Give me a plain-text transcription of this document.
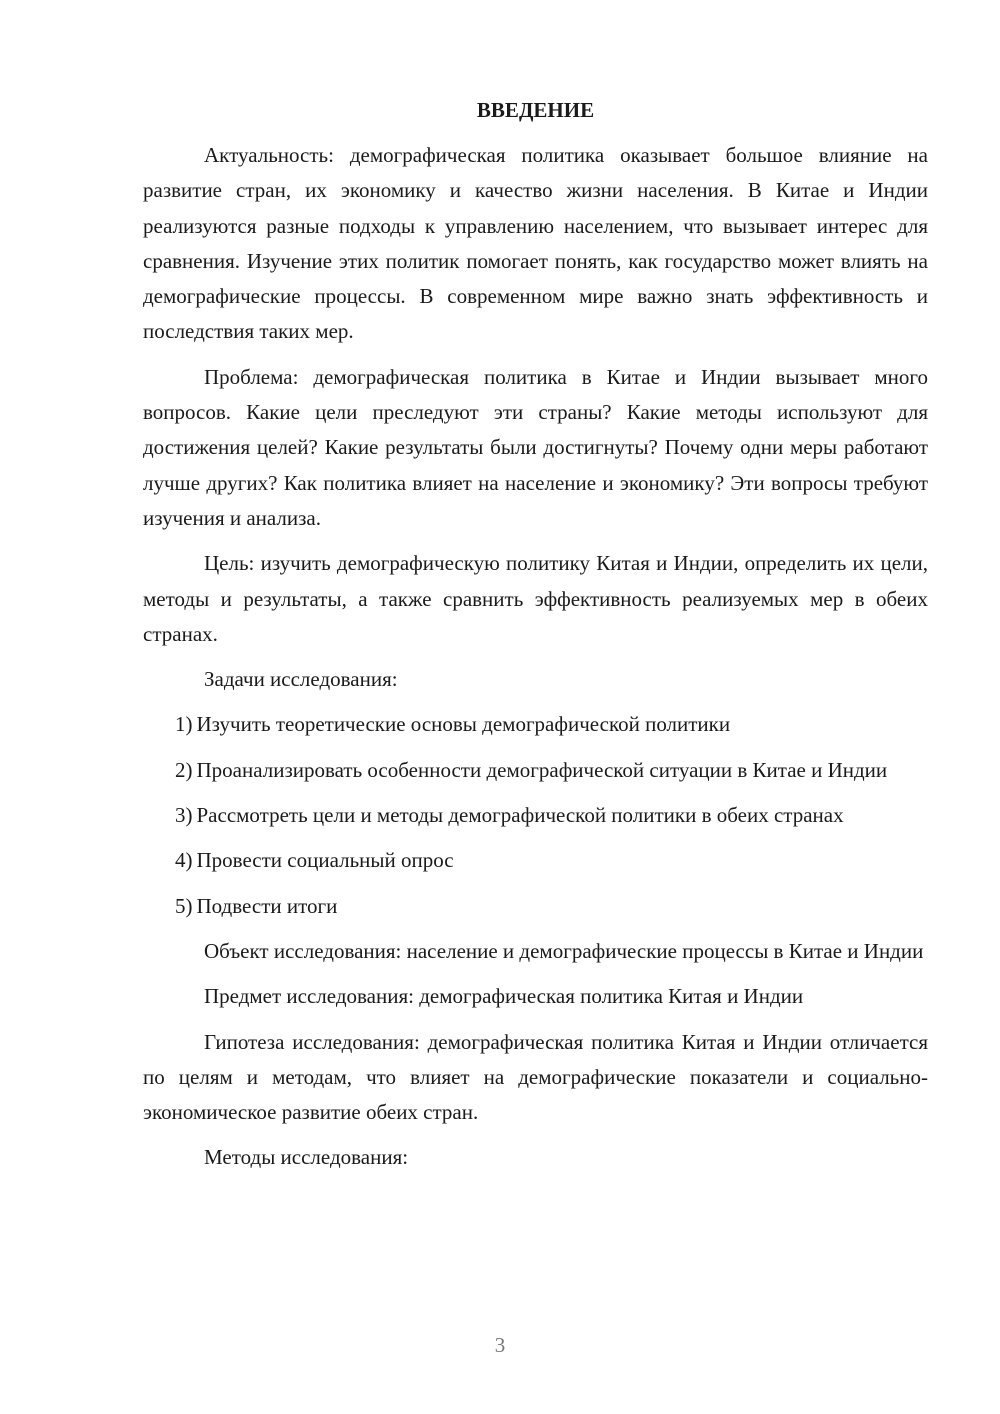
ВВЕДЕНИЕ

Актуальность: демографическая политика оказывает большое влияние на развитие стран, их экономику и качество жизни населения. В Китае и Индии реализуются разные подходы к управлению населением, что вызывает интерес для сравнения. Изучение этих политик помогает понять, как государство может влиять на демографические процессы. В современном мире важно знать эффективность и последствия таких мер.

Проблема: демографическая политика в Китае и Индии вызывает много вопросов. Какие цели преследуют эти страны? Какие методы используют для достижения целей? Какие результаты были достигнуты? Почему одни меры работают лучше других? Как политика влияет на население и экономику? Эти вопросы требуют изучения и анализа.

Цель: изучить демографическую политику Китая и Индии, определить их цели, методы и результаты, а также сравнить эффективность реализуемых мер в обеих странах.

Задачи исследования:

1) Изучить теоретические основы демографической политики

2) Проанализировать особенности демографической ситуации в Китае и Индии

3) Рассмотреть цели и методы демографической политики в обеих странах

4) Провести социальный опрос

5) Подвести итоги

Объект исследования: население и демографические процессы в Китае и Индии

Предмет исследования: демографическая политика Китая и Индии

Гипотеза исследования: демографическая политика Китая и Индии отличается по целям и методам, что влияет на демографические показатели и социально-экономическое развитие обеих стран.

Методы исследования:

3
